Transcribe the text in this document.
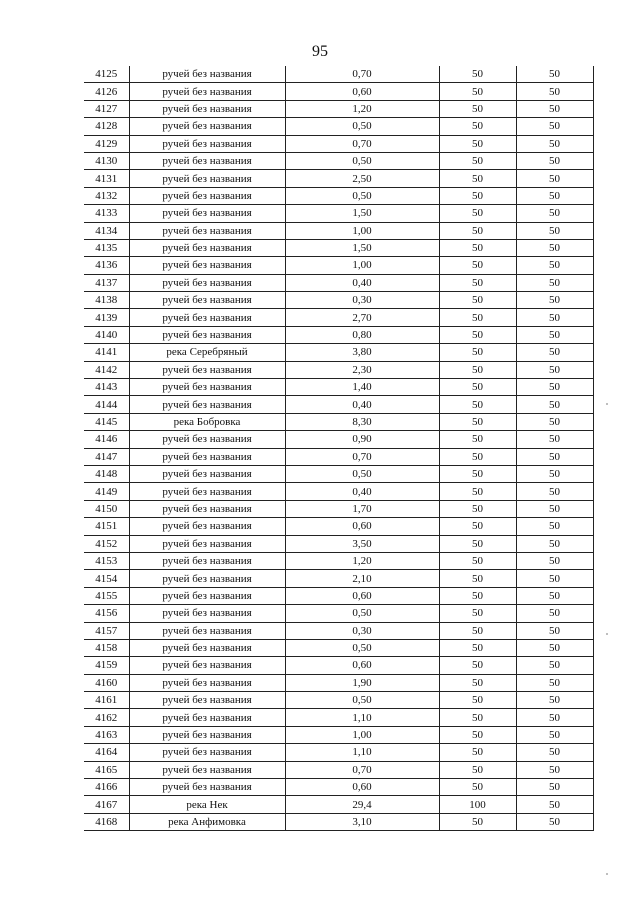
95
4125	ручей без названия	0,70	50	50
4126	ручей без названия	0,60	50	50
4127	ручей без названия	1,20	50	50
4128	ручей без названия	0,50	50	50
4129	ручей без названия	0,70	50	50
4130	ручей без названия	0,50	50	50
4131	ручей без названия	2,50	50	50
4132	ручей без названия	0,50	50	50
4133	ручей без названия	1,50	50	50
4134	ручей без названия	1,00	50	50
4135	ручей без названия	1,50	50	50
4136	ручей без названия	1,00	50	50
4137	ручей без названия	0,40	50	50
4138	ручей без названия	0,30	50	50
4139	ручей без названия	2,70	50	50
4140	ручей без названия	0,80	50	50
4141	река Серебряный	3,80	50	50
4142	ручей без названия	2,30	50	50
4143	ручей без названия	1,40	50	50
4144	ручей без названия	0,40	50	50
4145	река Бобровка	8,30	50	50
4146	ручей без названия	0,90	50	50
4147	ручей без названия	0,70	50	50
4148	ручей без названия	0,50	50	50
4149	ручей без названия	0,40	50	50
4150	ручей без названия	1,70	50	50
4151	ручей без названия	0,60	50	50
4152	ручей без названия	3,50	50	50
4153	ручей без названия	1,20	50	50
4154	ручей без названия	2,10	50	50
4155	ручей без названия	0,60	50	50
4156	ручей без названия	0,50	50	50
4157	ручей без названия	0,30	50	50
4158	ручей без названия	0,50	50	50
4159	ручей без названия	0,60	50	50
4160	ручей без названия	1,90	50	50
4161	ручей без названия	0,50	50	50
4162	ручей без названия	1,10	50	50
4163	ручей без названия	1,00	50	50
4164	ручей без названия	1,10	50	50
4165	ручей без названия	0,70	50	50
4166	ручей без названия	0,60	50	50
4167	река Нек	29,4	100	50
4168	река Анфимовка	3,10	50	50
